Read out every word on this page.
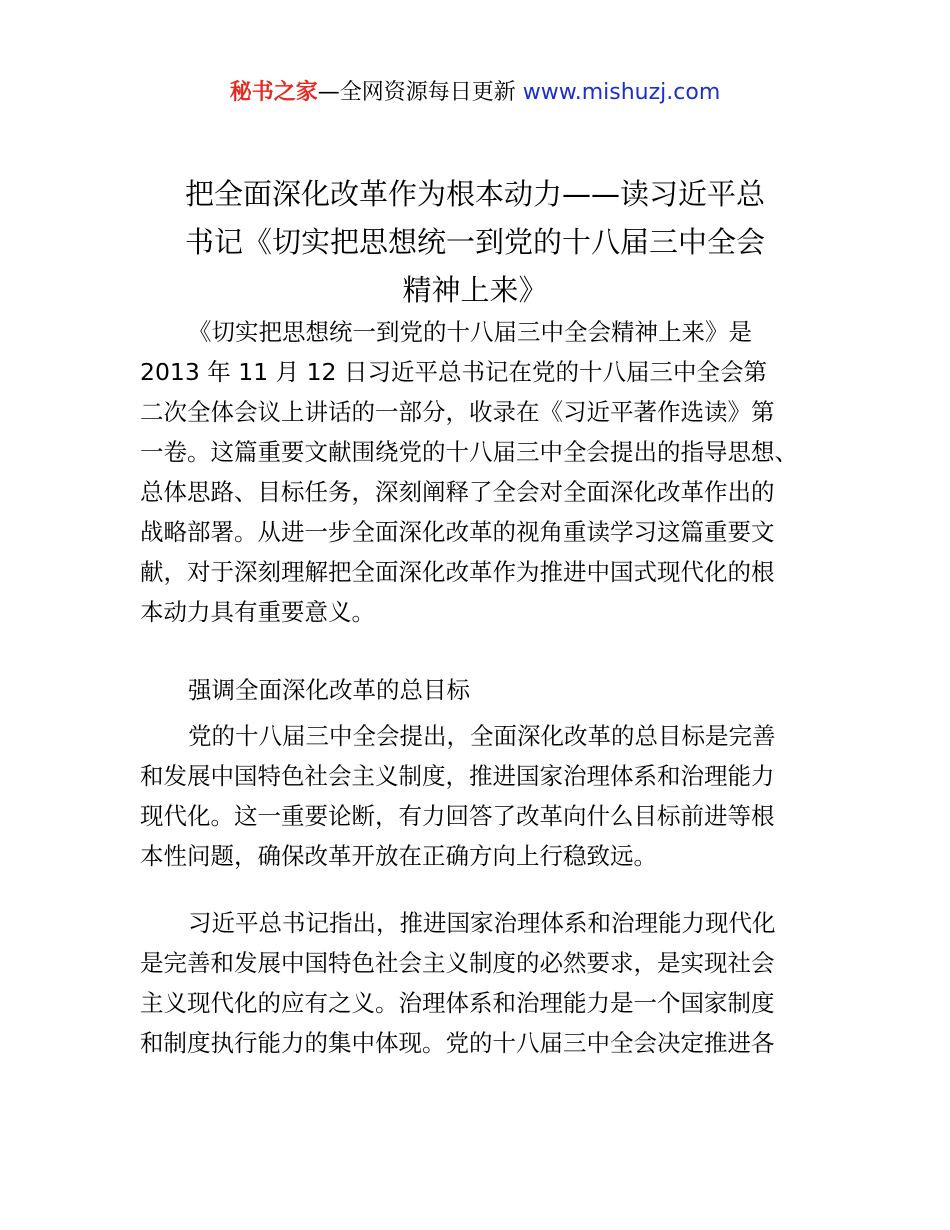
秘书之家—全网资源每日更新 www.mishuzj.com
把全面深化改革作为根本动力——读习近平总
书记《切实把思想统一到党的十八届三中全会
精神上来》
《切实把思想统一到党的十八届三中全会精神上来》是
2013 年 11 月 12 日习近平总书记在党的十八届三中全会第
二次全体会议上讲话的一部分，收录在《习近平著作选读》第
一卷。这篇重要文献围绕党的十八届三中全会提出的指导思想、
总体思路、目标任务，深刻阐释了全会对全面深化改革作出的
战略部署。从进一步全面深化改革的视角重读学习这篇重要文
献，对于深刻理解把全面深化改革作为推进中国式现代化的根
本动力具有重要意义。
强调全面深化改革的总目标
党的十八届三中全会提出，全面深化改革的总目标是完善
和发展中国特色社会主义制度，推进国家治理体系和治理能力
现代化。这一重要论断，有力回答了改革向什么目标前进等根
本性问题，确保改革开放在正确方向上行稳致远。
习近平总书记指出，推进国家治理体系和治理能力现代化
是完善和发展中国特色社会主义制度的必然要求，是实现社会
主义现代化的应有之义。治理体系和治理能力是一个国家制度
和制度执行能力的集中体现。党的十八届三中全会决定推进各
